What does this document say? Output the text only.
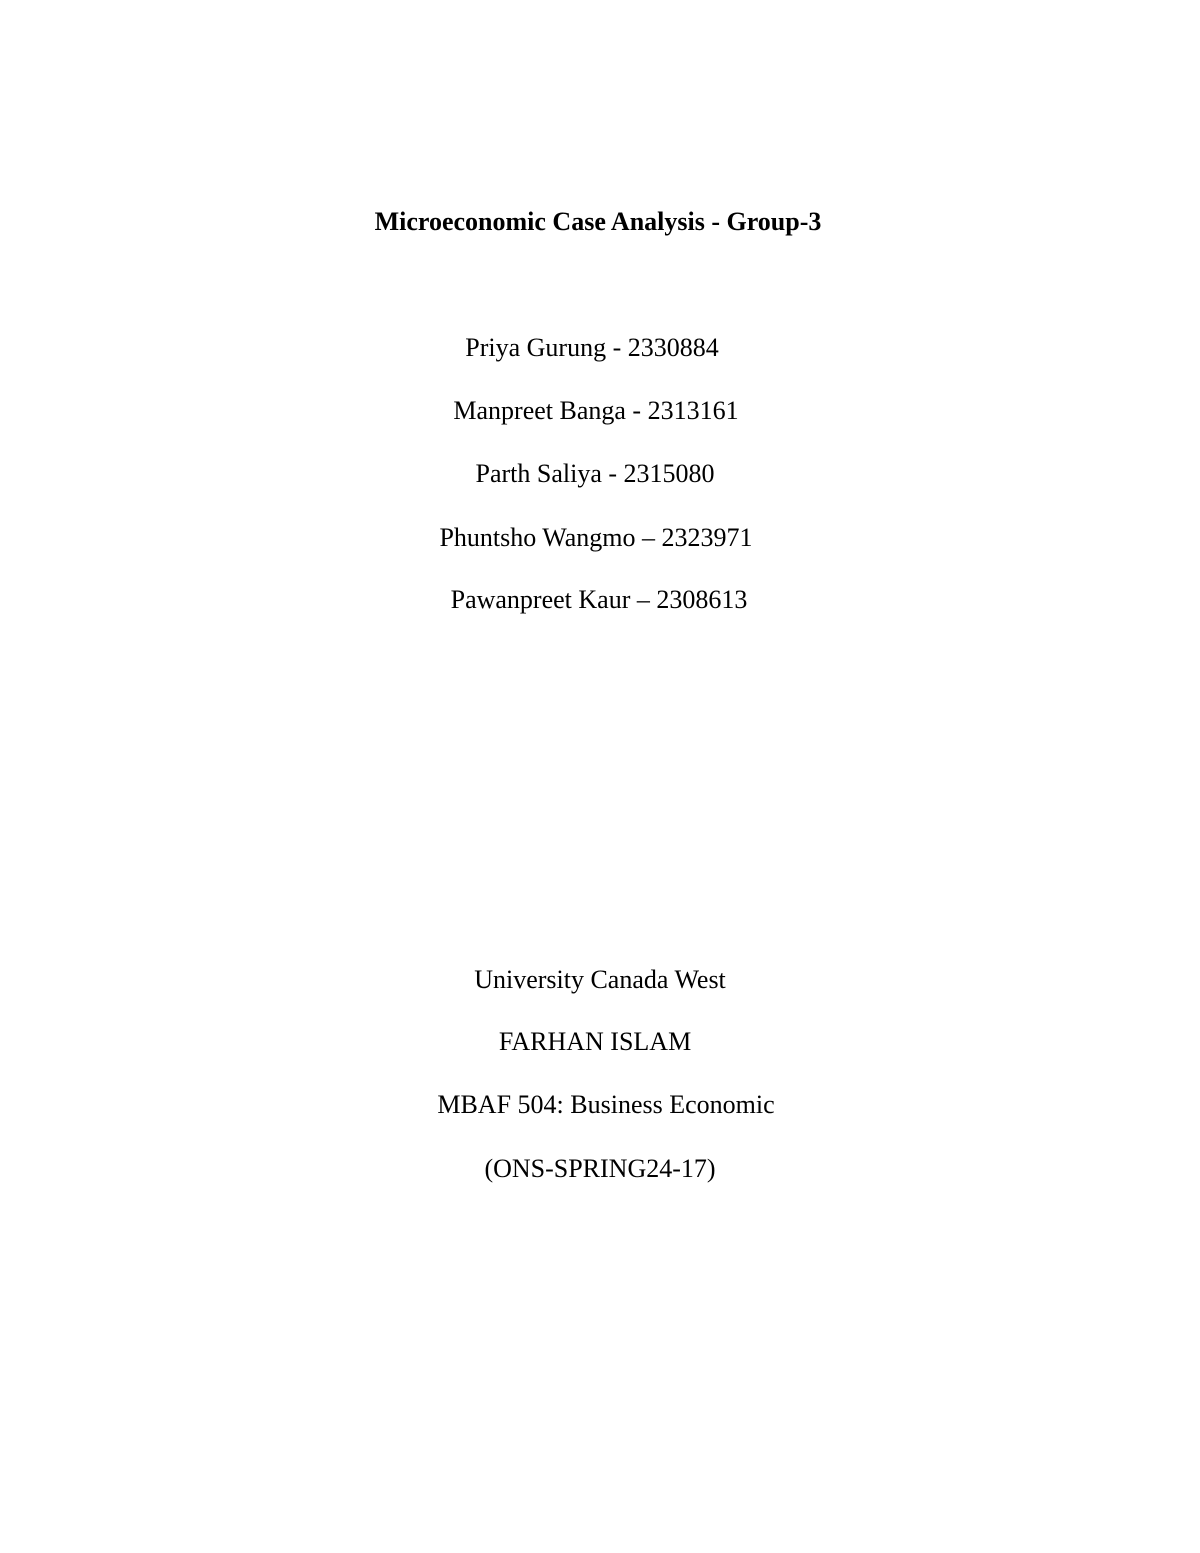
Microeconomic Case Analysis - Group-3
Priya Gurung - 2330884
Manpreet Banga - 2313161
Parth Saliya - 2315080
Phuntsho Wangmo – 2323971
Pawanpreet Kaur – 2308613
University Canada West
FARHAN ISLAM
MBAF 504: Business Economic
(ONS-SPRING24-17)
